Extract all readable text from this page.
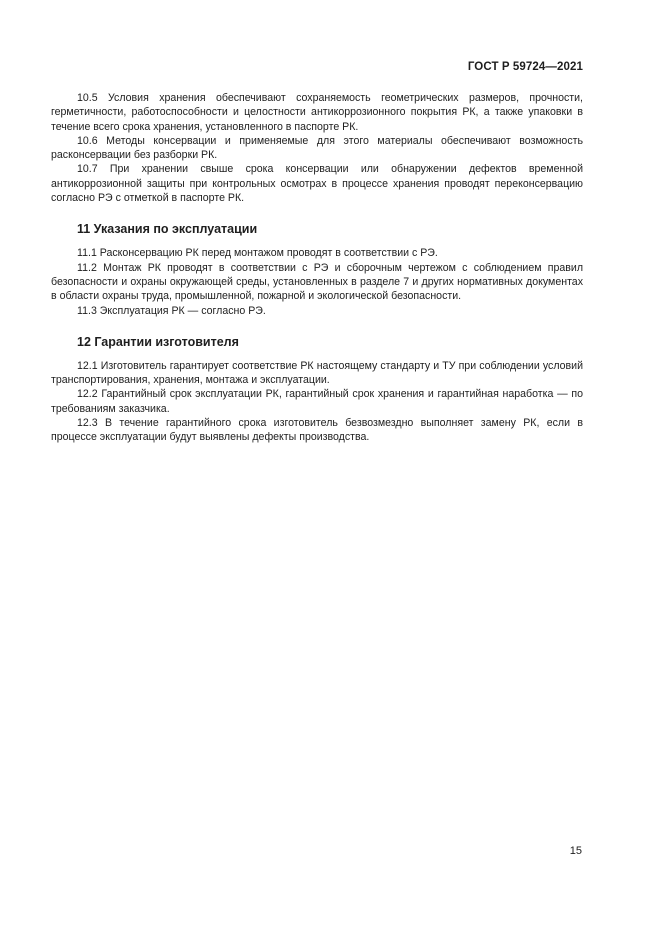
ГОСТ Р 59724—2021

10.5 Условия хранения обеспечивают сохраняемость геометрических размеров, прочности, герметичности, работоспособности и целостности антикоррозионного покрытия РК, а также упаковки в течение всего срока хранения, установленного в паспорте РК.

10.6 Методы консервации и применяемые для этого материалы обеспечивают возможность расконсервации без разборки РК.

10.7 При хранении свыше срока консервации или обнаружении дефектов временной антикоррозионной защиты при контрольных осмотрах в процессе хранения проводят переконсервацию согласно РЭ с отметкой в паспорте РК.

11 Указания по эксплуатации

11.1 Расконсервацию РК перед монтажом проводят в соответствии с РЭ.

11.2 Монтаж РК проводят в соответствии с РЭ и сборочным чертежом с соблюдением правил безопасности и охраны окружающей среды, установленных в разделе 7 и других нормативных документах в области охраны труда, промышленной, пожарной и экологической безопасности.

11.3 Эксплуатация РК — согласно РЭ.

12 Гарантии изготовителя

12.1 Изготовитель гарантирует соответствие РК настоящему стандарту и ТУ при соблюдении условий транспортирования, хранения, монтажа и эксплуатации.

12.2 Гарантийный срок эксплуатации РК, гарантийный срок хранения и гарантийная наработка — по требованиям заказчика.

12.3 В течение гарантийного срока изготовитель безвозмездно выполняет замену РК, если в процессе эксплуатации будут выявлены дефекты производства.

15
